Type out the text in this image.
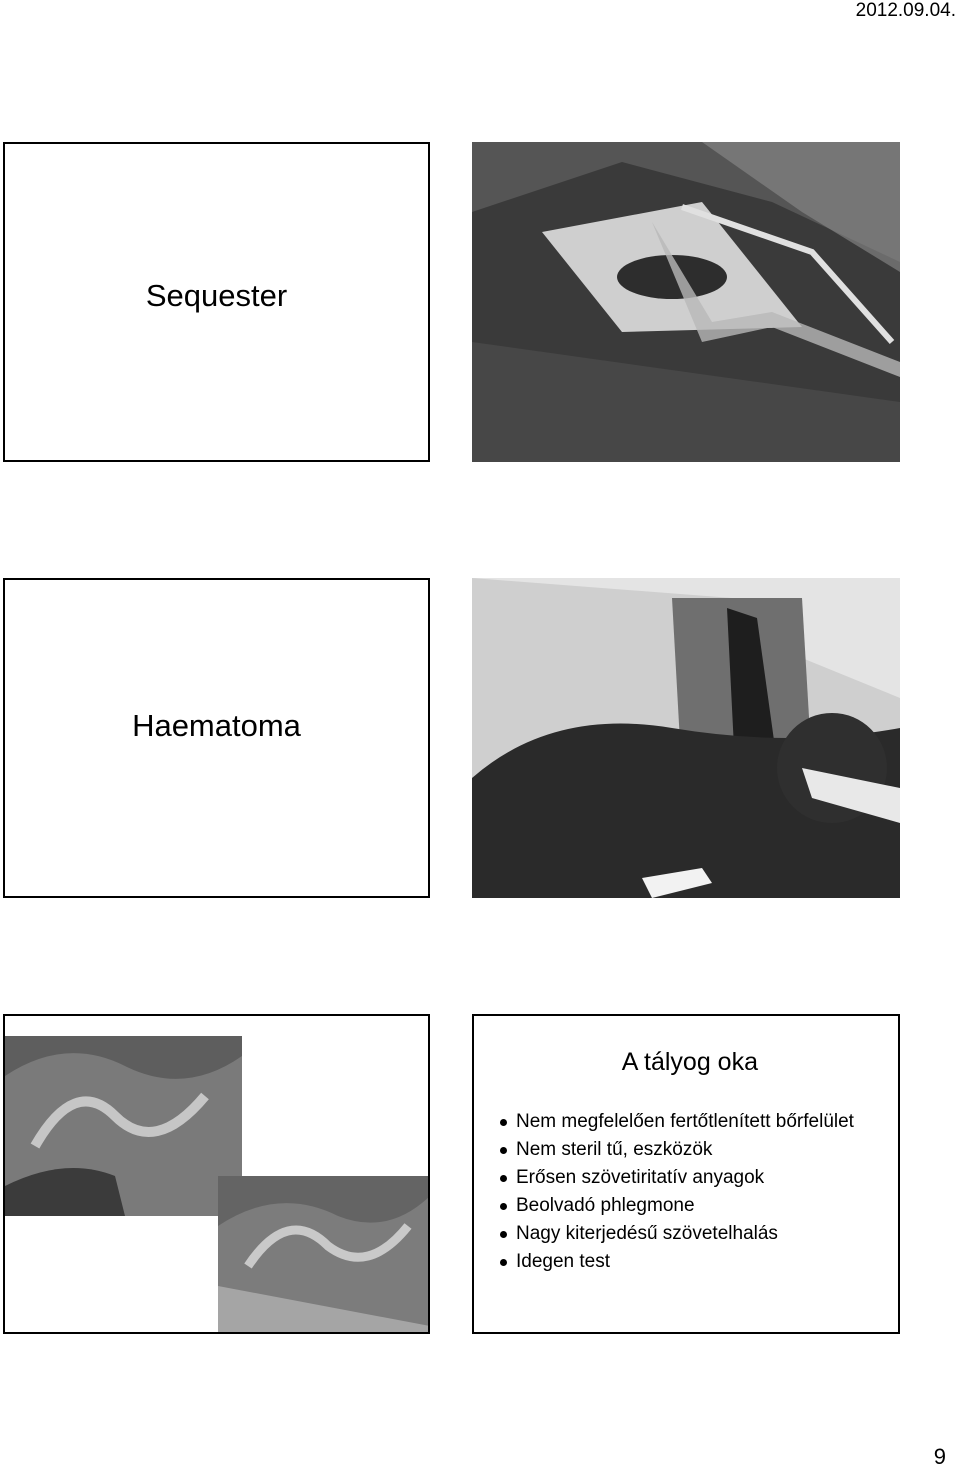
2012.09.04.
Sequester
Haematoma
A tályog oka
Nem megfelelően fertőtlenített bőrfelület
Nem steril tű, eszközök
Erősen szövetiritatív anyagok
Beolvadó phlegmone
Nagy kiterjedésű szövetelhalás
Idegen test
9
